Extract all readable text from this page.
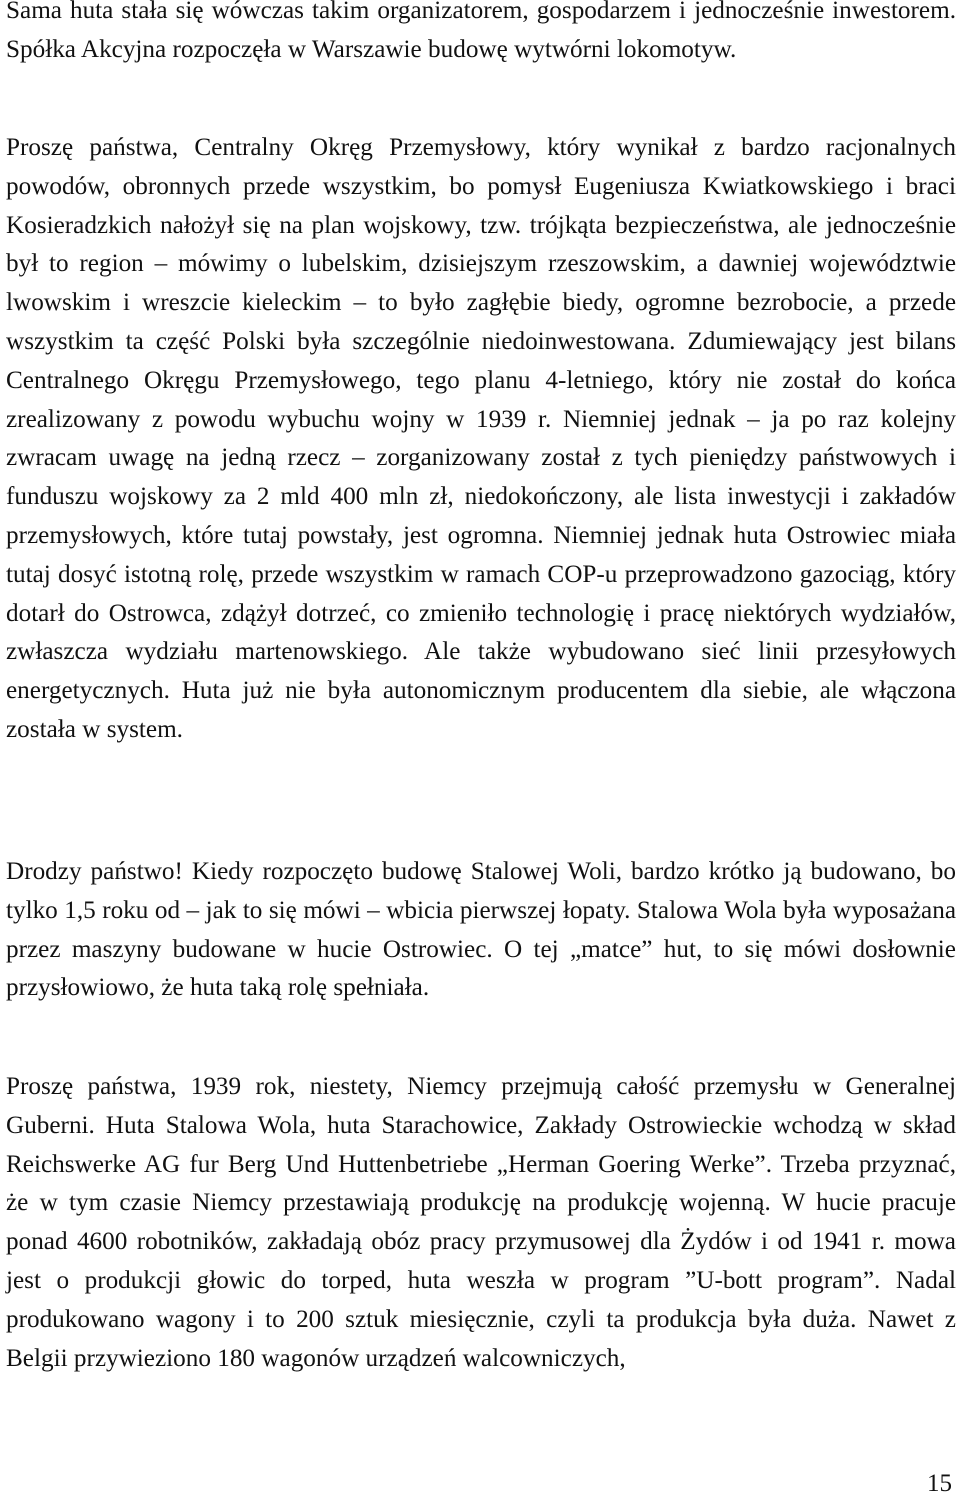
Sama huta stała się wówczas takim organizatorem, gospodarzem i jednocześnie inwestorem. Spółka Akcyjna rozpoczęła w Warszawie budowę wytwórni lokomotyw.

Proszę państwa, Centralny Okręg Przemysłowy, który wynikał z bardzo racjonalnych powodów, obronnych przede wszystkim, bo pomysł Eugeniusza Kwiatkowskiego i braci Kosieradzkich nałożył się na plan wojskowy, tzw. trójkąta bezpieczeństwa, ale jednocześnie był to region – mówimy o lubelskim, dzisiejszym rzeszowskim, a dawniej województwie lwowskim i wreszcie kieleckim – to było zagłębie biedy, ogromne bezrobocie, a przede wszystkim ta część Polski była szczególnie niedoinwestowana. Zdumiewający jest bilans Centralnego Okręgu Przemysłowego, tego planu 4-letniego, który nie został do końca zrealizowany z powodu wybuchu wojny w 1939 r. Niemniej jednak – ja po raz kolejny zwracam uwagę na jedną rzecz – zorganizowany został z tych pieniędzy państwowych i funduszu wojskowy za 2 mld 400 mln zł, niedokończony, ale lista inwestycji i zakładów przemysłowych, które tutaj powstały, jest ogromna. Niemniej jednak huta Ostrowiec miała tutaj dosyć istotną rolę, przede wszystkim w ramach COP-u przeprowadzono gazociąg, który dotarł do Ostrowca, zdążył dotrzeć, co zmieniło technologię i pracę niektórych wydziałów, zwłaszcza wydziału martenowskiego. Ale także wybudowano sieć linii przesyłowych energetycznych. Huta już nie była autonomicznym producentem dla siebie, ale włączona została w system.

Drodzy państwo! Kiedy rozpoczęto budowę Stalowej Woli, bardzo krótko ją budowano, bo tylko 1,5 roku od – jak to się mówi – wbicia pierwszej łopaty. Stalowa Wola była wyposażana przez maszyny budowane w hucie Ostrowiec. O tej „matce” hut, to się mówi dosłownie przysłowiowo, że huta taką rolę spełniała.

Proszę państwa, 1939 rok, niestety, Niemcy przejmują całość przemysłu w Generalnej Guberni. Huta Stalowa Wola, huta Starachowice, Zakłady Ostrowieckie wchodzą w skład Reichswerke AG fur Berg Und Huttenbetriebe „Herman Goering Werke”. Trzeba przyznać, że w tym czasie Niemcy przestawiają produkcję na produkcję wojenną. W hucie pracuje ponad 4600 robotników, zakładają obóz pracy przymusowej dla Żydów i od 1941 r. mowa jest o produkcji głowic do torped, huta weszła w program ”U-bott program”. Nadal produkowano wagony i to 200 sztuk miesięcznie, czyli ta produkcja była duża. Nawet z Belgii przywieziono 180 wagonów urządzeń walcowniczych,

15
